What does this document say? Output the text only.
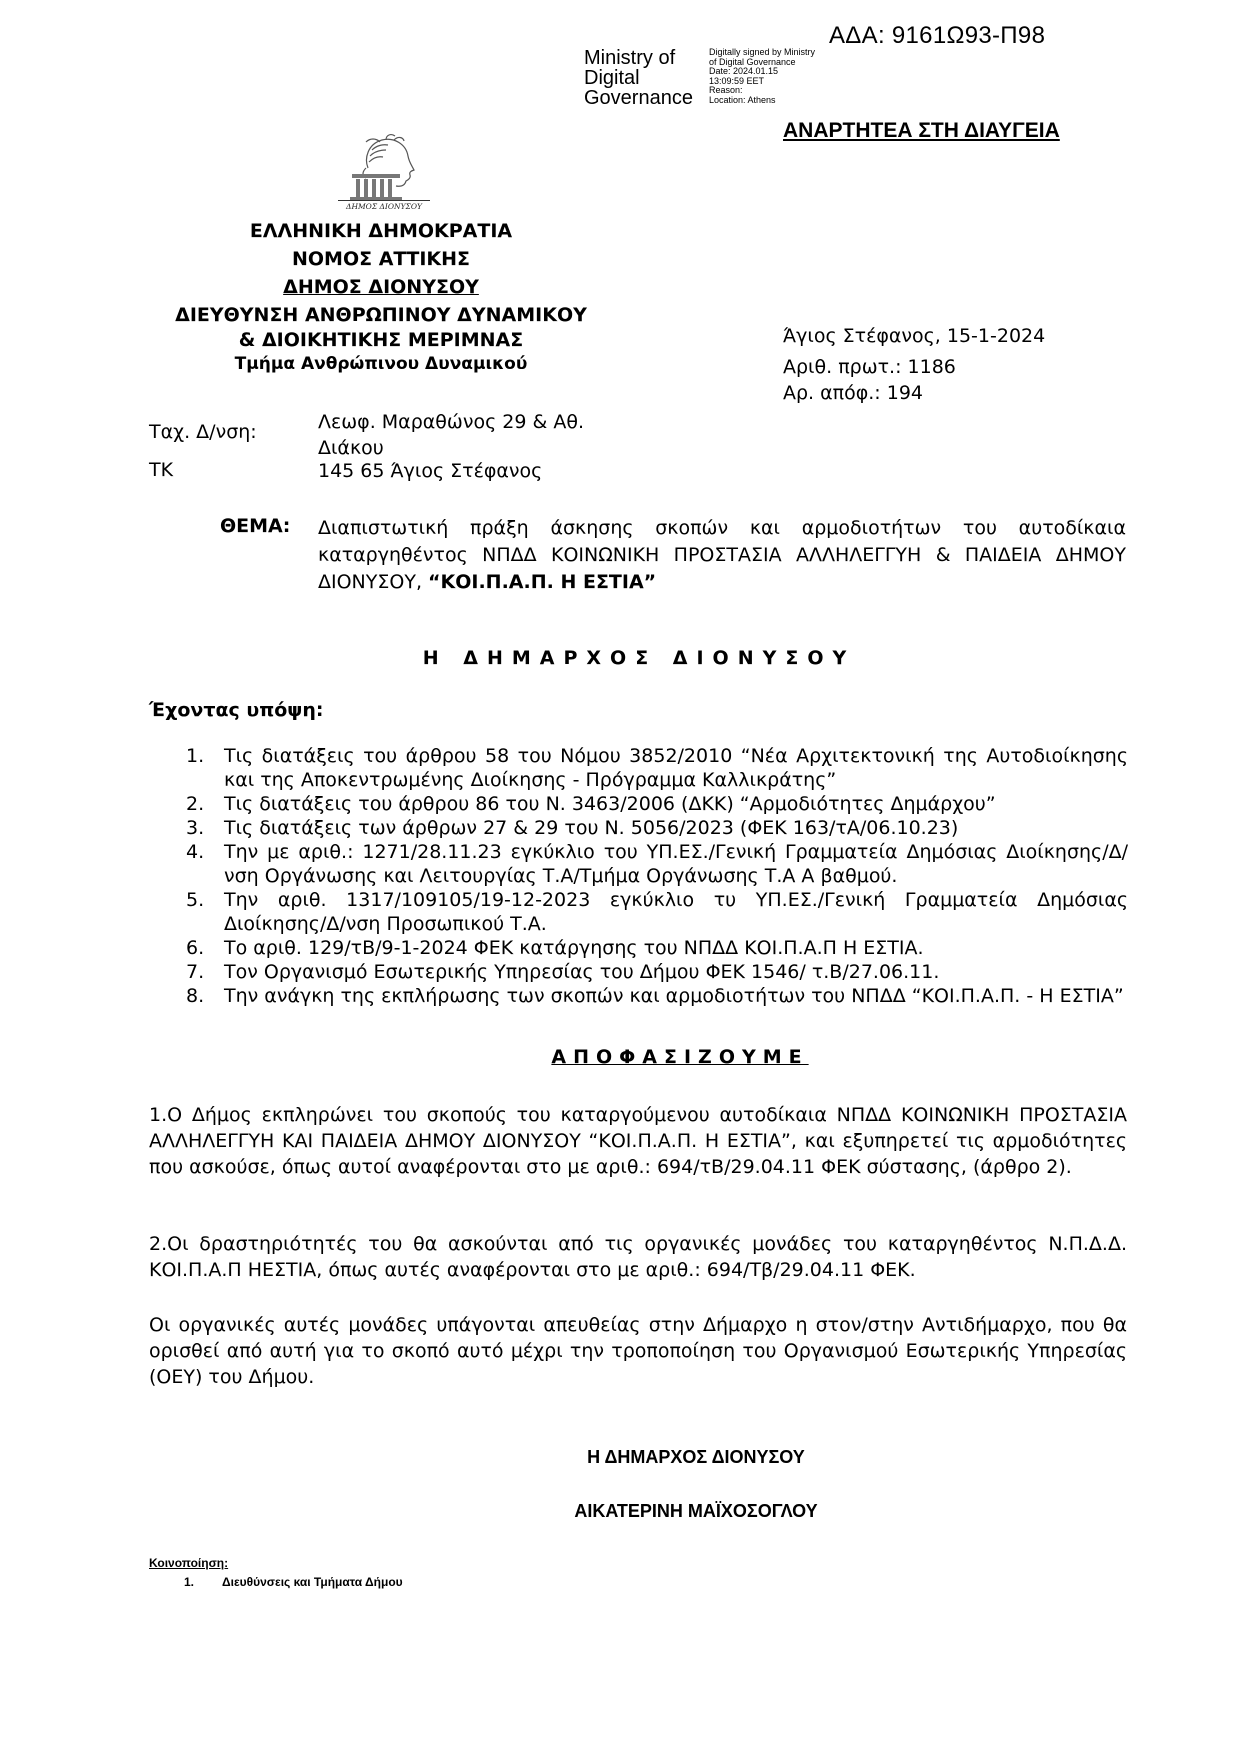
ΑΔΑ: 9161Ω93-Π98
Ministry of
Digital
Governance
Digitally signed by Ministry
of Digital Governance
Date: 2024.01.15
13:09:59 EET
Reason:
Location: Athens
ΑΝΑΡΤΗΤΕΑ ΣΤΗ ΔΙΑΥΓΕΙΑ
ΔΗΜΟΣ ΔΙΟΝΥΣΟΥ
ΕΛΛΗΝΙΚΗ ΔΗΜΟΚΡΑΤΙΑ
ΝΟΜΟΣ ΑΤΤΙΚΗΣ
ΔΗΜΟΣ ΔΙΟΝΥΣΟΥ
ΔΙΕΥΘΥΝΣΗ ΑΝΘΡΩΠΙΝΟΥ ΔΥΝΑΜΙΚΟΥ
& ΔΙΟΙΚΗΤΙΚΗΣ ΜΕΡΙΜΝΑΣ
Τμήμα Ανθρώπινου Δυναμικού
Άγιος Στέφανος, 15-1-2024
Αριθ. πρωτ.: 1186
Αρ. απόφ.: 194
Ταχ. Δ/νση:	Λεωφ. Μαραθώνος 29 & Αθ. Διάκου
ΤΚ	145 65 Άγιος Στέφανος
ΘΕΜΑ: Διαπιστωτική πράξη άσκησης σκοπών και αρμοδιοτήτων του αυτοδίκαια καταργηθέντος ΝΠΔΔ ΚΟΙΝΩΝΙΚΗ ΠΡΟΣΤΑΣΙΑ ΑΛΛΗΛΕΓΓΥΗ & ΠΑΙΔΕΙΑ ΔΗΜΟΥ ΔΙΟΝΥΣΟΥ, “ΚΟΙ.Π.Α.Π. Η ΕΣΤΙΑ”
Η ΔΗΜΑΡΧΟΣ ΔΙΟΝΥΣΟΥ
Έχοντας υπόψη:
1. Τις διατάξεις του άρθρου 58 του Νόμου 3852/2010 “Νέα Αρχιτεκτονική της Αυτοδιοίκησης και της Αποκεντρωμένης Διοίκησης - Πρόγραμμα Καλλικράτης”
2. Τις διατάξεις του άρθρου 86 του Ν. 3463/2006 (ΔΚΚ) “Αρμοδιότητες Δημάρχου”
3. Τις διατάξεις των άρθρων 27 & 29 του Ν. 5056/2023 (ΦΕΚ 163/τΑ/06.10.23)
4. Την με αριθ.: 1271/28.11.23 εγκύκλιο του ΥΠ.ΕΣ./Γενική Γραμματεία Δημόσιας Διοίκησης/Δ/νση Οργάνωσης και Λειτουργίας Τ.Α/Τμήμα Οργάνωσης Τ.Α Α βαθμού.
5. Την αριθ. 1317/109105/19-12-2023 εγκύκλιο τυ ΥΠ.ΕΣ./Γενική Γραμματεία Δημόσιας Διοίκησης/Δ/νση Προσωπικού Τ.Α.
6. Το αριθ. 129/τΒ/9-1-2024 ΦΕΚ κατάργησης του ΝΠΔΔ ΚΟΙ.Π.Α.Π Η ΕΣΤΙΑ.
7. Τον Οργανισμό Εσωτερικής Υπηρεσίας του Δήμου ΦΕΚ 1546/ τ.Β/27.06.11.
8. Την ανάγκη της εκπλήρωσης των σκοπών και αρμοδιοτήτων του ΝΠΔΔ “ΚΟΙ.Π.Α.Π. - Η ΕΣΤΙΑ”
ΑΠΟΦΑΣΙΖΟΥΜΕ
1.Ο Δήμος εκπληρώνει του σκοπούς του καταργούμενου αυτοδίκαια ΝΠΔΔ ΚΟΙΝΩΝΙΚΗ ΠΡΟΣΤΑΣΙΑ ΑΛΛΗΛΕΓΓΥΗ ΚΑΙ ΠΑΙΔΕΙΑ ΔΗΜΟΥ ΔΙΟΝΥΣΟΥ “ΚΟΙ.Π.Α.Π. Η ΕΣΤΙΑ”, και εξυπηρετεί τις αρμοδιότητες που ασκούσε, όπως αυτοί αναφέρονται στο με αριθ.: 694/τΒ/29.04.11 ΦΕΚ σύστασης, (άρθρο 2).
2.Οι δραστηριότητές του θα ασκούνται από τις οργανικές μονάδες του καταργηθέντος Ν.Π.Δ.Δ. ΚΟΙ.Π.Α.Π ΗΕΣΤΙΑ, όπως αυτές αναφέρονται στο με αριθ.: 694/Τβ/29.04.11 ΦΕΚ.
Οι οργανικές αυτές μονάδες υπάγονται απευθείας στην Δήμαρχο η στον/στην Αντιδήμαρχο, που θα ορισθεί από αυτή για το σκοπό αυτό μέχρι την τροποποίηση του Οργανισμού Εσωτερικής Υπηρεσίας (ΟΕΥ) του Δήμου.
Η ΔΗΜΑΡΧΟΣ ΔΙΟΝΥΣΟΥ
ΑΙΚΑΤΕΡΙΝΗ ΜΑΪΧΟΣΟΓΛΟΥ
Κοινοποίηση:
1. Διευθύνσεις και Τμήματα Δήμου
